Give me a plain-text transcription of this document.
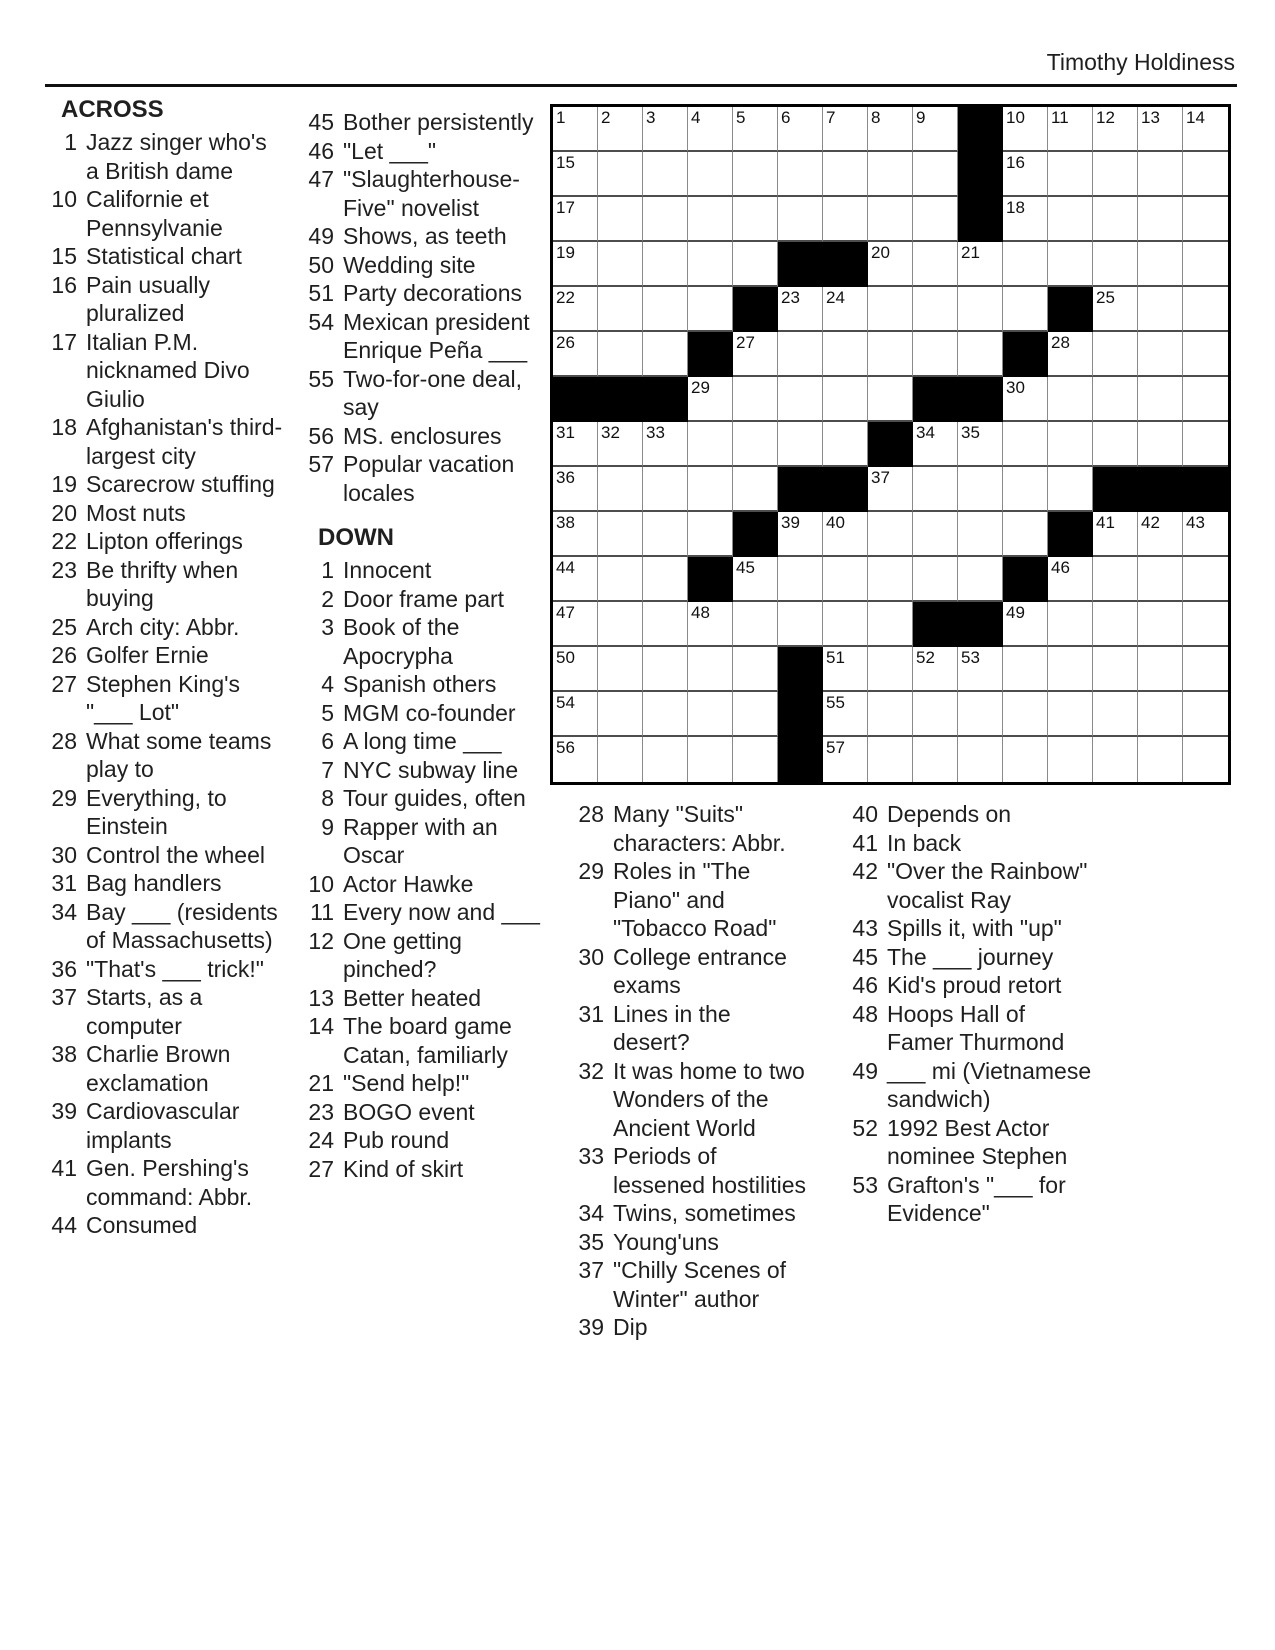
Timothy Holdiness
ACROSS
1 Jazz singer who's a British dame
10 Californie et Pennsylvanie
15 Statistical chart
16 Pain usually pluralized
17 Italian P.M. nicknamed Divo Giulio
18 Afghanistan's third-largest city
19 Scarecrow stuffing
20 Most nuts
22 Lipton offerings
23 Be thrifty when buying
25 Arch city: Abbr.
26 Golfer Ernie
27 Stephen King's "___ Lot"
28 What some teams play to
29 Everything, to Einstein
30 Control the wheel
31 Bag handlers
34 Bay ___ (residents of Massachusetts)
36 "That's ___ trick!"
37 Starts, as a computer
38 Charlie Brown exclamation
39 Cardiovascular implants
41 Gen. Pershing's command: Abbr.
44 Consumed
45 Bother persistently
46 "Let ___"
47 "Slaughterhouse-Five" novelist
49 Shows, as teeth
50 Wedding site
51 Party decorations
54 Mexican president Enrique Peña ___
55 Two-for-one deal, say
56 MS. enclosures
57 Popular vacation locales
DOWN
1 Innocent
2 Door frame part
3 Book of the Apocrypha
4 Spanish others
5 MGM co-founder
6 A long time ___
7 NYC subway line
8 Tour guides, often
9 Rapper with an Oscar
10 Actor Hawke
11 Every now and ___
12 One getting pinched?
13 Better heated
14 The board game Catan, familiarly
21 "Send help!"
23 BOGO event
24 Pub round
27 Kind of skirt
1 2 3 4 5 6 7 8 9	10 11 12 13 14
15	16
17	18
19	20	21
22	23 24	25
26	27	28
29	30
31 32 33	34 35
36	37
38	39 40	41 42 43
44	45	46
47	48	49
50	51	52 53
54	55
56	57
28 Many "Suits" characters: Abbr.
29 Roles in "The Piano" and "Tobacco Road"
30 College entrance exams
31 Lines in the desert?
32 It was home to two Wonders of the Ancient World
33 Periods of lessened hostilities
34 Twins, sometimes
35 Young'uns
37 "Chilly Scenes of Winter" author
39 Dip
40 Depends on
41 In back
42 "Over the Rainbow" vocalist Ray
43 Spills it, with "up"
45 The ___ journey
46 Kid's proud retort
48 Hoops Hall of Famer Thurmond
49 ___ mi (Vietnamese sandwich)
52 1992 Best Actor nominee Stephen
53 Grafton's "___ for Evidence"
